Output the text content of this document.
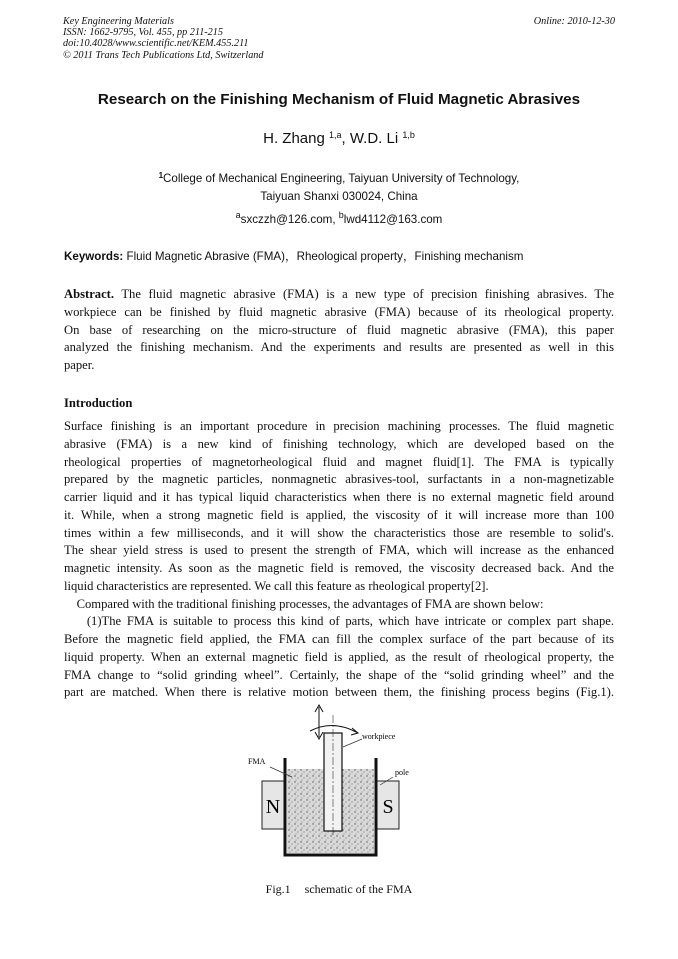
Key Engineering Materials
ISSN: 1662-9795, Vol. 455, pp 211-215
doi:10.4028/www.scientific.net/KEM.455.211
© 2011 Trans Tech Publications Ltd, Switzerland
Online: 2010-12-30
Research on the Finishing Mechanism of Fluid Magnetic Abrasives
H. Zhang $^{1,a}$, W.D. Li $^{1,b}$
$^1$College of Mechanical Engineering, Taiyuan University of Technology,
Taiyuan Shanxi 030024, China
$^a$sxczzh@126.com, $^b$lwd4112@163.com
Keywords: Fluid Magnetic Abrasive (FMA)，Rheological property，Finishing mechanism
Abstract. The fluid magnetic abrasive (FMA) is a new type of precision finishing abrasives. The
workpiece can be finished by fluid magnetic abrasive (FMA) because of its rheological property.
On base of researching on the micro-structure of fluid magnetic abrasive (FMA), this paper
analyzed the finishing mechanism. And the experiments and results are presented as well in this
paper.
Introduction
Surface finishing is an important procedure in precision machining processes. The fluid magnetic
abrasive (FMA) is a new kind of finishing technology, which are developed based on the
rheological properties of magnetorheological fluid and magnet fluid[1]. The FMA is typically
prepared by the magnetic particles, nonmagnetic abrasives-tool, surfactants in a non-magnetizable
carrier liquid and it has typical liquid characteristics when there is no external magnetic field around
it. While, when a strong magnetic field is applied, the viscosity of it will increase more than 100
times within a few milliseconds, and it will show the characteristics those are resemble to solid's.
The shear yield stress is used to present the strength of FMA, which will increase as the enhanced
magnetic intensity. As soon as the magnetic field is removed, the viscosity decreased back. And the
liquid characteristics are represented. We call this feature as rheological property[2].
Compared with the traditional finishing processes, the advantages of FMA are shown below:
(1)The FMA is suitable to process this kind of parts, which have intricate or complex part shape.
Before the magnetic field applied, the FMA can fill the complex surface of the part because of its
liquid property. When an external magnetic field is applied, as the result of rheological property, the
FMA change to “solid grinding wheel”. Certainly, the shape of the “solid grinding wheel” and the
part are matched. When there is relative motion between them, the finishing process begins (Fig.1).
N	S
FMA
workpiece
pole
Fig.1 schematic of the FMA
